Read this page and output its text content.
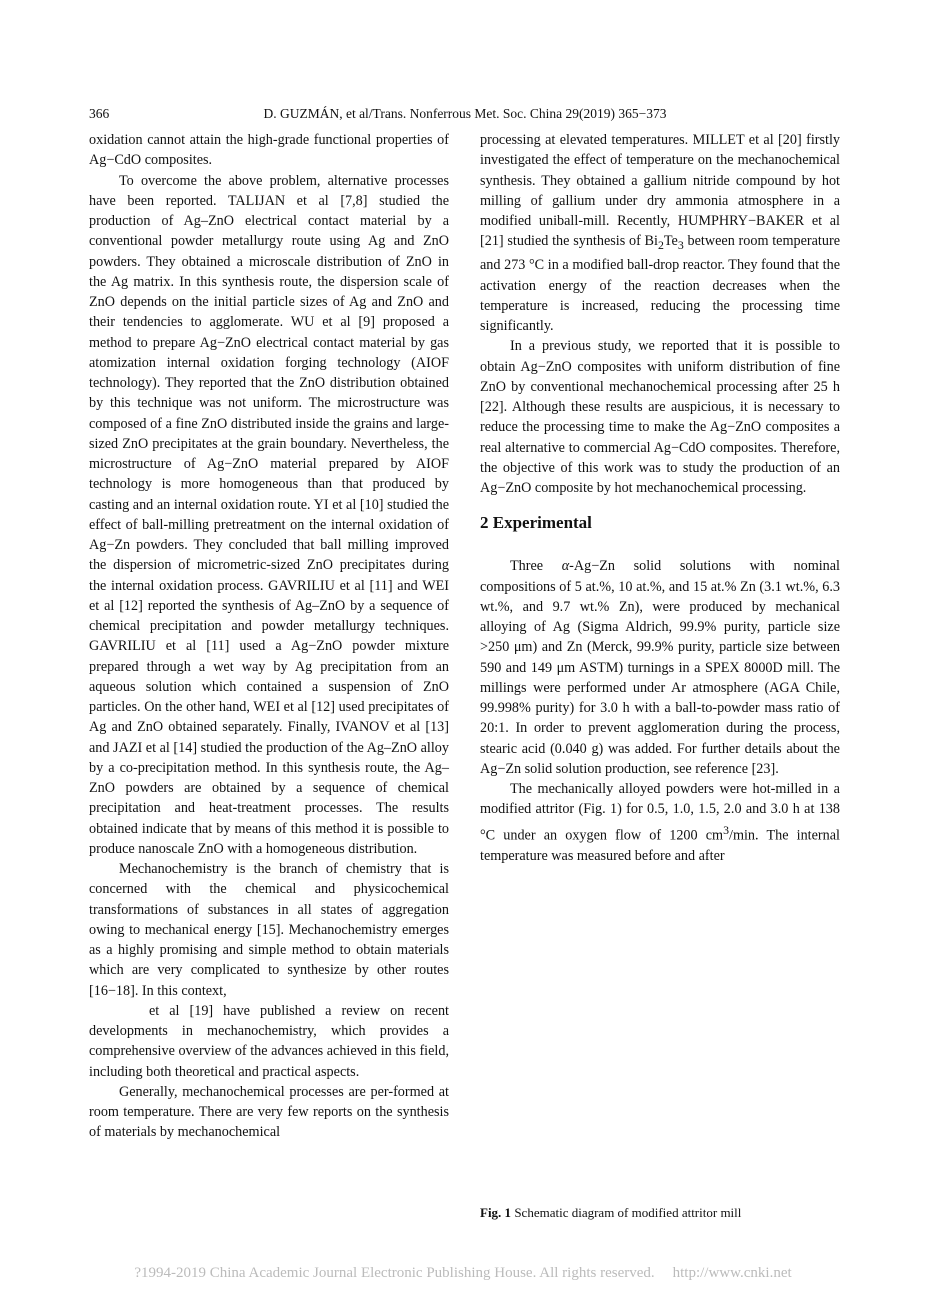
366	D. GUZMÁN, et al/Trans. Nonferrous Met. Soc. China 29(2019) 365−373

oxidation cannot attain the high-grade functional properties of Ag−CdO composites.

To overcome the above problem, alternative processes have been reported. TALIJAN et al [7,8] studied the production of Ag–ZnO electrical contact material by a conventional powder metallurgy route using Ag and ZnO powders. They obtained a microscale distribution of ZnO in the Ag matrix. In this synthesis route, the dispersion scale of ZnO depends on the initial particle sizes of Ag and ZnO and their tendencies to agglomerate. WU et al [9] proposed a method to prepare Ag−ZnO electrical contact material by gas atomization internal oxidation forging technology (AIOF technology). They reported that the ZnO distribution obtained by this technique was not uniform. The microstructure was composed of a fine ZnO distributed inside the grains and large-sized ZnO precipitates at the grain boundary. Nevertheless, the microstructure of Ag−ZnO material prepared by AIOF technology is more homogeneous than that produced by casting and an internal oxidation route. YI et al [10] studied the effect of ball-milling pretreatment on the internal oxidation of Ag−Zn powders. They concluded that ball milling improved the dispersion of micrometric-sized ZnO precipitates during the internal oxidation process. GAVRILIU et al [11] and WEI et al [12] reported the synthesis of Ag–ZnO by a sequence of chemical precipitation and powder metallurgy techniques. GAVRILIU et al [11] used a Ag−ZnO powder mixture prepared through a wet way by Ag precipitation from an aqueous solution which contained a suspension of ZnO particles. On the other hand, WEI et al [12] used precipitates of Ag and ZnO obtained separately. Finally, IVANOV et al [13] and JAZI et al [14] studied the production of the Ag–ZnO alloy by a co-precipitation method. In this synthesis route, the Ag–ZnO powders are obtained by a sequence of chemical precipitation and heat-treatment processes. The results obtained indicate that by means of this method it is possible to produce nanoscale ZnO with a homogeneous distribution.

Mechanochemistry is the branch of chemistry that is concerned with the chemical and physicochemical transformations of substances in all states of aggregation owing to mechanical energy [15]. Mechanochemistry emerges as a highly promising and simple method to obtain materials which are very complicated to synthesize by other routes [16−18]. In this context,
et al [19] have published a review on recent developments in mechanochemistry, which provides a comprehensive overview of the advances achieved in this field, including both theoretical and practical aspects.

Generally, mechanochemical processes are per-formed at room temperature. There are very few reports on the synthesis of materials by mechanochemical

processing at elevated temperatures. MILLET et al [20] firstly investigated the effect of temperature on the mechanochemical synthesis. They obtained a gallium nitride compound by hot milling of gallium under dry ammonia atmosphere in a modified uniball-mill. Recently, HUMPHRY−BAKER et al [21] studied the synthesis of $Bi_2Te_3$ between room temperature and 273 °C in a modified ball-drop reactor. They found that the activation energy of the reaction decreases when the temperature is increased, reducing the processing time significantly.

In a previous study, we reported that it is possible to obtain Ag−ZnO composites with uniform distribution of fine ZnO by conventional mechanochemical processing after 25 h [22]. Although these results are auspicious, it is necessary to reduce the processing time to make the Ag−ZnO composites a real alternative to commercial Ag−CdO composites. Therefore, the objective of this work was to study the production of an Ag−ZnO composite by hot mechanochemical processing.

2 Experimental

Three α-Ag−Zn solid solutions with nominal compositions of 5 at.%, 10 at.%, and 15 at.% Zn (3.1 wt.%, 6.3 wt.%, and 9.7 wt.% Zn), were produced by mechanical alloying of Ag (Sigma Aldrich, 99.9% purity, particle size >250 μm) and Zn (Merck, 99.9% purity, particle size between 590 and 149 μm ASTM) turnings in a SPEX 8000D mill. The millings were performed under Ar atmosphere (AGA Chile, 99.998% purity) for 3.0 h with a ball-to-powder mass ratio of 20:1. In order to prevent agglomeration during the process, stearic acid (0.040 g) was added. For further details about the Ag−Zn solid solution production, see reference [23].

The mechanically alloyed powders were hot-milled in a modified attritor (Fig. 1) for 0.5, 1.0, 1.5, 2.0 and 3.0 h at 138 °C under an oxygen flow of 1200 $cm^3/\min$. The internal temperature was measured before and after

Fig. 1 Schematic diagram of modified attritor mill
?1994-2019 China Academic Journal Electronic Publishing House. All rights reserved. http://www.cnki.net
